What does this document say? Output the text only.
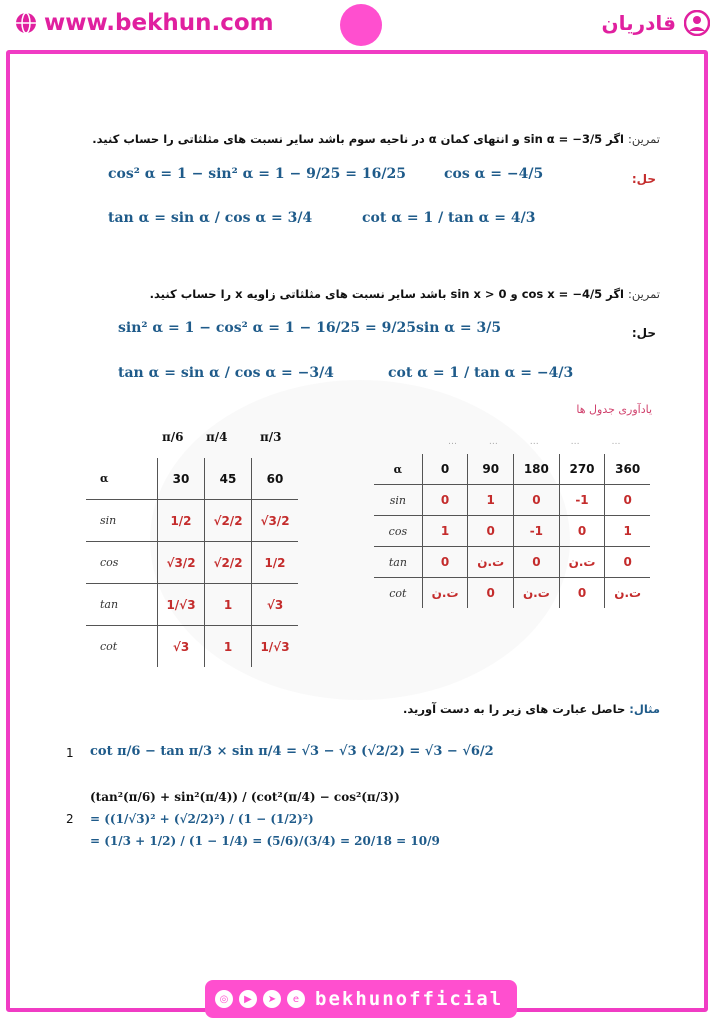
www.bekhun.com	قادریان
تمرین: اگر sin α = −3/5 و انتهای کمان α در ناحیه سوم باشد سایر نسبت های مثلثاتی را حساب کنید.
حل:
cos² α = 1 − sin² α = 1 − 9/25 = 16/25	cos α = −4/5
tan α = sin α / cos α = 3/4	cot α = 1 / tan α = 4/3
تمرین: اگر cos x = −4/5 و sin x > 0 باشد سایر نسبت های مثلثاتی زاویه x را حساب کنید.
حل:
sin² α = 1 − cos² α = 1 − 16/25 = 9/25 sin α = 3/5
tan α = sin α / cos α = −3/4	cot α = 1 / tan α = −4/3
یادآوری جدول ها
π/6 π/4	π/3
α	30	45	60
sin	1/2	√2/2	√3/2
cos	√3/2	√2/2	1/2
tan	1/√3	1	√3
cot	√3	1	1/√3
…        …        …        …        …
α	0	90	180	270	360
sin	0	1	0	-1	0
cos	1	0	-1	0	1
tan	0	ت.ن	0	ت.ن	0
cot	ت.ن	0	ت.ن	0	ت.ن
مثال: حاصل عبارت های زیر را به دست آورید.
1 cot π/6 − tan π/3 × sin π/4 = √3 − √3 (√2/2) = √3 − √6/2
2
(tan²(π/6) + sin²(π/4)) / (cot²(π/4) − cos²(π/3))
= ((1/√3)² + (√2/2)²) / (1 − (1/2)²)
= (1/3 + 1/2) / (1 − 1/4) = (5/6)/(3/4) = 20/18 = 10/9
◎	▶	➤	e bekhunofficial
